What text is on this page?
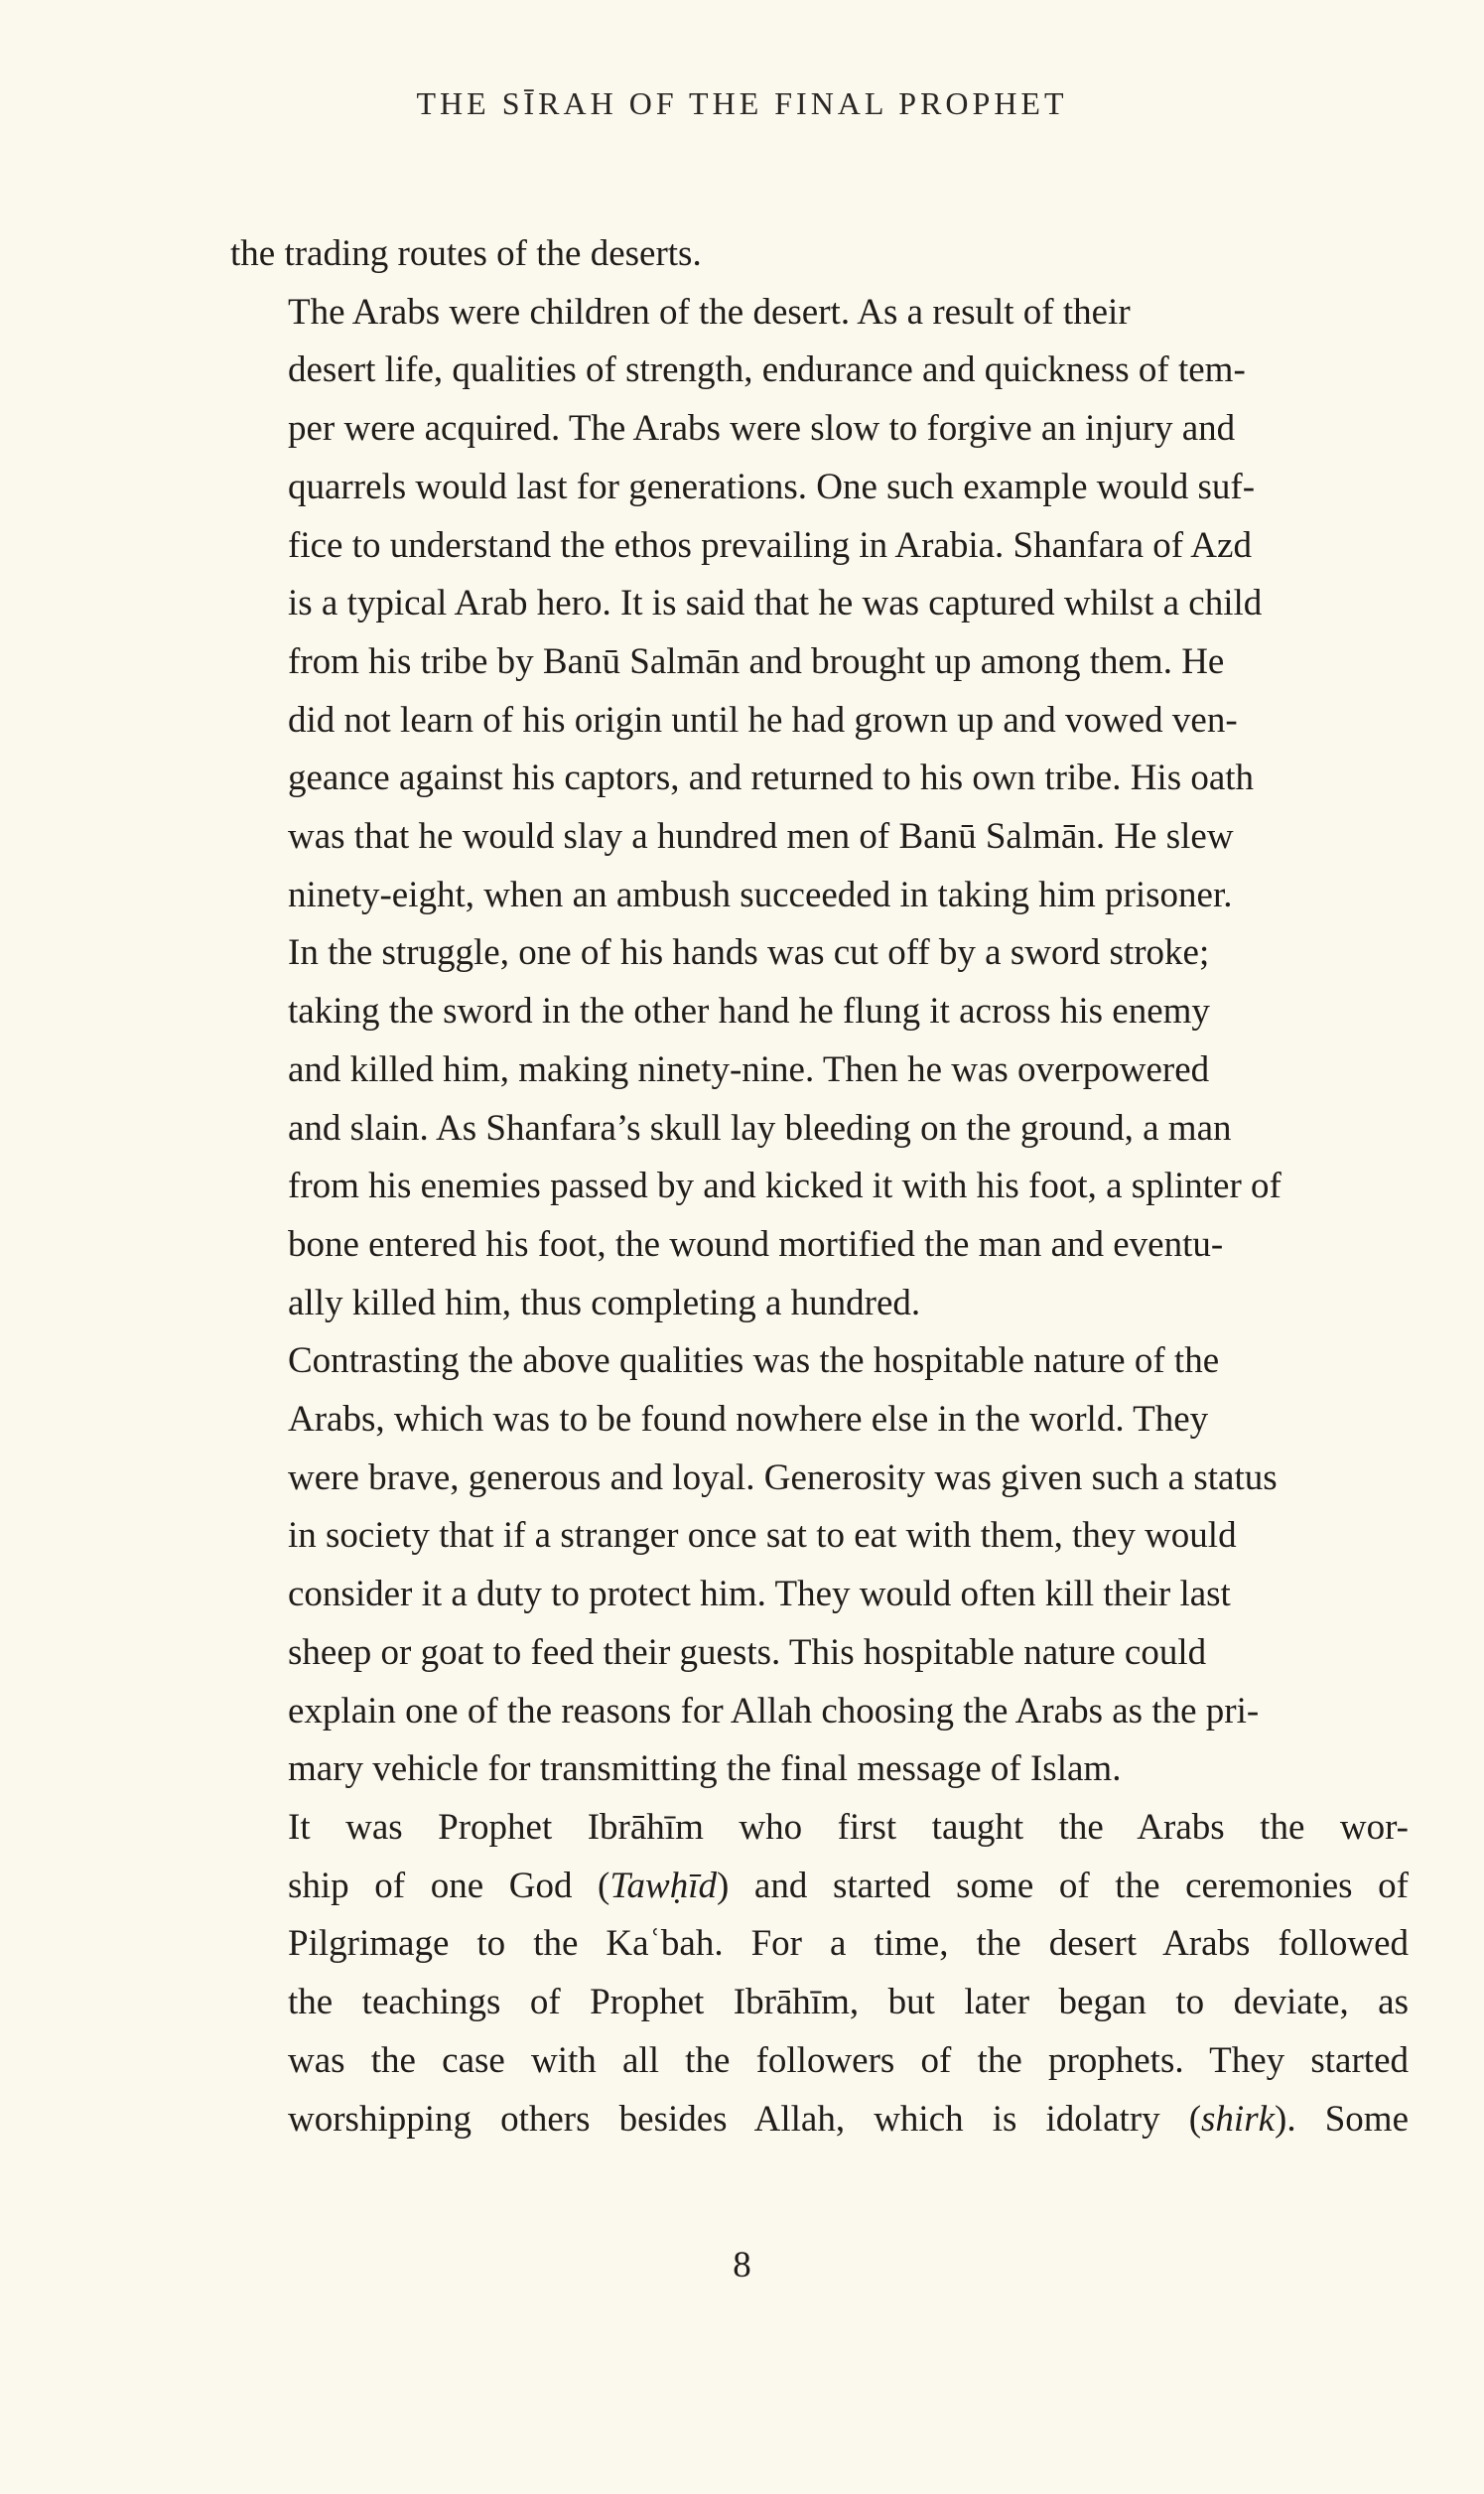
THE SĪRAH OF THE FINAL PROPHET

the trading routes of the deserts.

The Arabs were children of the desert. As a result of their
desert life, qualities of strength, endurance and quickness of tem-
per were acquired. The Arabs were slow to forgive an injury and
quarrels would last for generations. One such example would suf-
fice to understand the ethos prevailing in Arabia. Shanfara of Azd
is a typical Arab hero. It is said that he was captured whilst a child
from his tribe by Banū Salmān and brought up among them. He
did not learn of his origin until he had grown up and vowed ven-
geance against his captors, and returned to his own tribe. His oath
was that he would slay a hundred men of Banū Salmān. He slew
ninety-eight, when an ambush succeeded in taking him prisoner.
In the struggle, one of his hands was cut off by a sword stroke;
taking the sword in the other hand he flung it across his enemy
and killed him, making ninety-nine. Then he was overpowered
and slain. As Shanfara’s skull lay bleeding on the ground, a man
from his enemies passed by and kicked it with his foot, a splinter of
bone entered his foot, the wound mortified the man and eventu-
ally killed him, thus completing a hundred.

Contrasting the above qualities was the hospitable nature of the
Arabs, which was to be found nowhere else in the world. They
were brave, generous and loyal. Generosity was given such a status
in society that if a stranger once sat to eat with them, they would
consider it a duty to protect him. They would often kill their last
sheep or goat to feed their guests. This hospitable nature could
explain one of the reasons for Allah choosing the Arabs as the pri-
mary vehicle for transmitting the final message of Islam.

It was Prophet Ibrāhīm who first taught the Arabs the wor-
ship of one God (Tawḥīd) and started some of the ceremonies of
Pilgrimage to the Kaʿbah. For a time, the desert Arabs followed
the teachings of Prophet Ibrāhīm, but later began to deviate, as
was the case with all the followers of the prophets. They started
worshipping others besides Allah, which is idolatry (shirk). Some

8
